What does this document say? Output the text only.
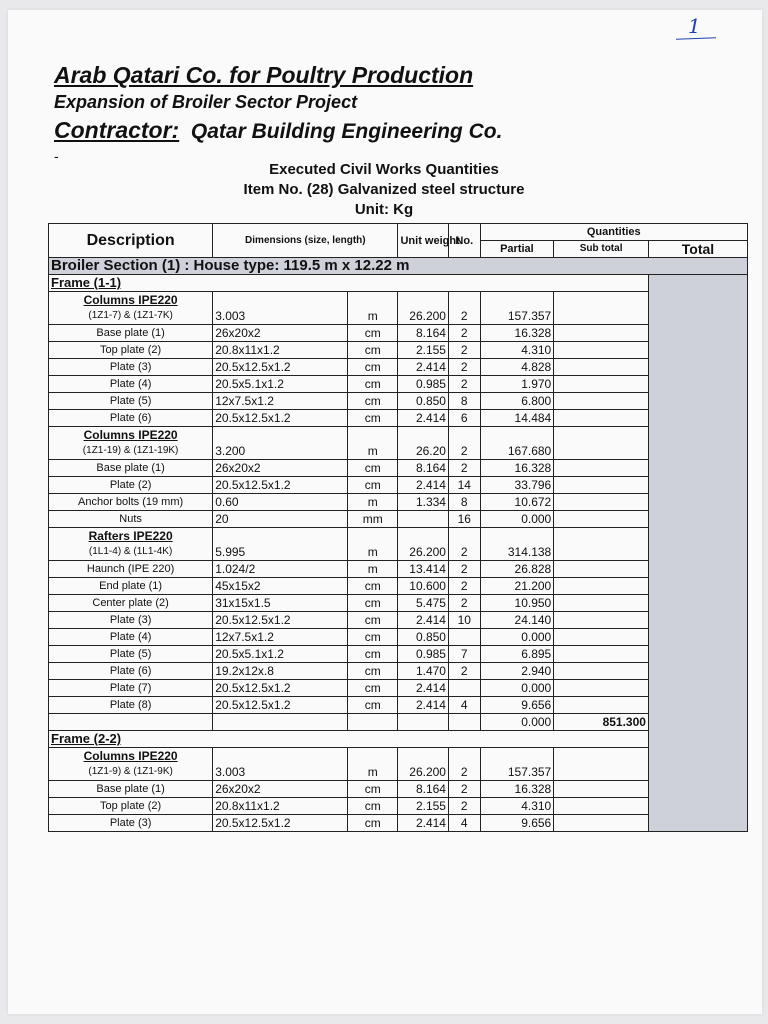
1
Arab Qatari Co. for Poultry Production
Expansion of Broiler Sector Project
Contractor: Qatar Building Engineering Co.
-
Executed Civil Works Quantities
Item No. (28) Galvanized steel structure
Unit: Kg
Description	Dimensions (size, length)		Unit weight	No.	Quantities		
					Partial	Sub total	Total
Broiler Section (1) : House type: 119.5 m x 12.22 m							
Frame (1-1)							

Columns IPE220
(1Z1-7) & (1Z1-7K)	3.003	m	26.200	2	157.357		
Base plate (1)	26x20x2	cm	8.164	2	16.328		
Top plate (2)	20.8x11x1.2	cm	2.155	2	4.310		
Plate (3)	20.5x12.5x1.2	cm	2.414	2	4.828		
Plate (4)	20.5x5.1x1.2	cm	0.985	2	1.970		
Plate (5)	12x7.5x1.2	cm	0.850	8	6.800		
Plate (6)	20.5x12.5x1.2	cm	2.414	6	14.484		

Columns IPE220
(1Z1-19) & (1Z1-19K)	3.200	m	26.20	2	167.680		
Base plate (1)	26x20x2	cm	8.164	2	16.328		
Plate (2)	20.5x12.5x1.2	cm	2.414	14	33.796		
Anchor bolts (19 mm)	0.60	m	1.334	8	10.672		
Nuts	20	mm		16	0.000		

Rafters IPE220
(1L1-4) & (1L1-4K)	5.995	m	26.200	2	314.138		
Haunch (IPE 220)	1.024/2	m	13.414	2	26.828		
End plate (1)	45x15x2	cm	10.600	2	21.200		
Center plate (2)	31x15x1.5	cm	5.475	2	10.950		
Plate (3)	20.5x12.5x1.2	cm	2.414	10	24.140		
Plate (4)	12x7.5x1.2	cm	0.850		0.000		
Plate (5)	20.5x5.1x1.2	cm	0.985	7	6.895		
Plate (6)	19.2x12x.8	cm	1.470	2	2.940		
Plate (7)	20.5x12.5x1.2	cm	2.414		0.000		
Plate (8)	20.5x12.5x1.2	cm	2.414	4	9.656		
					0.000	851.300	
Frame (2-2)							

Columns IPE220
(1Z1-9) & (1Z1-9K)	3.003	m	26.200	2	157.357		
Base plate (1)	26x20x2	cm	8.164	2	16.328		
Top plate (2)	20.8x11x1.2	cm	2.155	2	4.310		
Plate (3)	20.5x12.5x1.2	cm	2.414	4	9.656		
